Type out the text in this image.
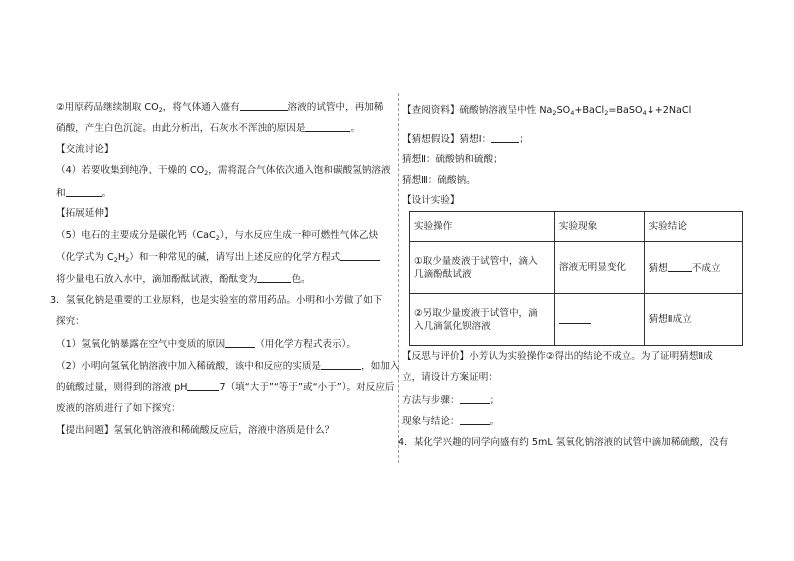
②用原药品继续制取 $CO_2$，将气体通入盛有	溶液的试管中，再加稀
硝酸，产生白色沉淀。由此分析出，石灰水不浑浊的原因是	。
【交流讨论】
（4）若要收集到纯净、干燥的 $CO_2$，需将混合气体依次通入饱和碳酸氢钠溶液
和	。
【拓展延伸】
（5）电石的主要成分是碳化钙（CaC$_2$），与水反应生成一种可燃性气体乙炔
（化学式为 $C_2H_2$）和一种常见的碱，请写出上述反应的化学方程式
将少量电石放入水中，滴加酚酞试液，酚酞变为	色。
3．氢氧化钠是重要的工业原料，也是实验室的常用药品。小明和小芳做了如下
探究：
（1）氢氧化钠暴露在空气中变质的原因	（用化学方程式表示）。
（2）小明向氢氧化钠溶液中加入稀硫酸，该中和反应的实质是	，如加入
的硫酸过量，则得到的溶液 pH	7（填“大于”“等于”或“小于”）。对反应后
废液的溶质进行了如下探究：
【提出问题】氢氧化钠溶液和稀硫酸反应后，溶液中溶质是什么？
【查阅资料】硫酸钠溶液呈中性 $Na_2SO_4+BaCl_2=BaSO_4↓+2NaCl$
【猜想假设】猜想Ⅰ：	；
猜想Ⅱ：硫酸钠和硫酸；
猜想Ⅲ：硫酸钠。
【设计实验】
【反思与评价】小芳认为实验操作②得出的结论不成立。为了证明猜想Ⅱ成
立，请设计方案证明：
方法与步骤：	；
现象与结论：	。
4．某化学兴趣的同学向盛有约 5mL 氢氧化钠溶液的试管中滴加稀硫酸，没有
实验操作	实验现象	实验结论

①取少量废液于试管中，滴入
几滴酚酞试液	溶液无明显变化	猜想 不成立

②另取少量废液于试管中，滴
入几滴氯化钡溶液		猜想Ⅱ成立
